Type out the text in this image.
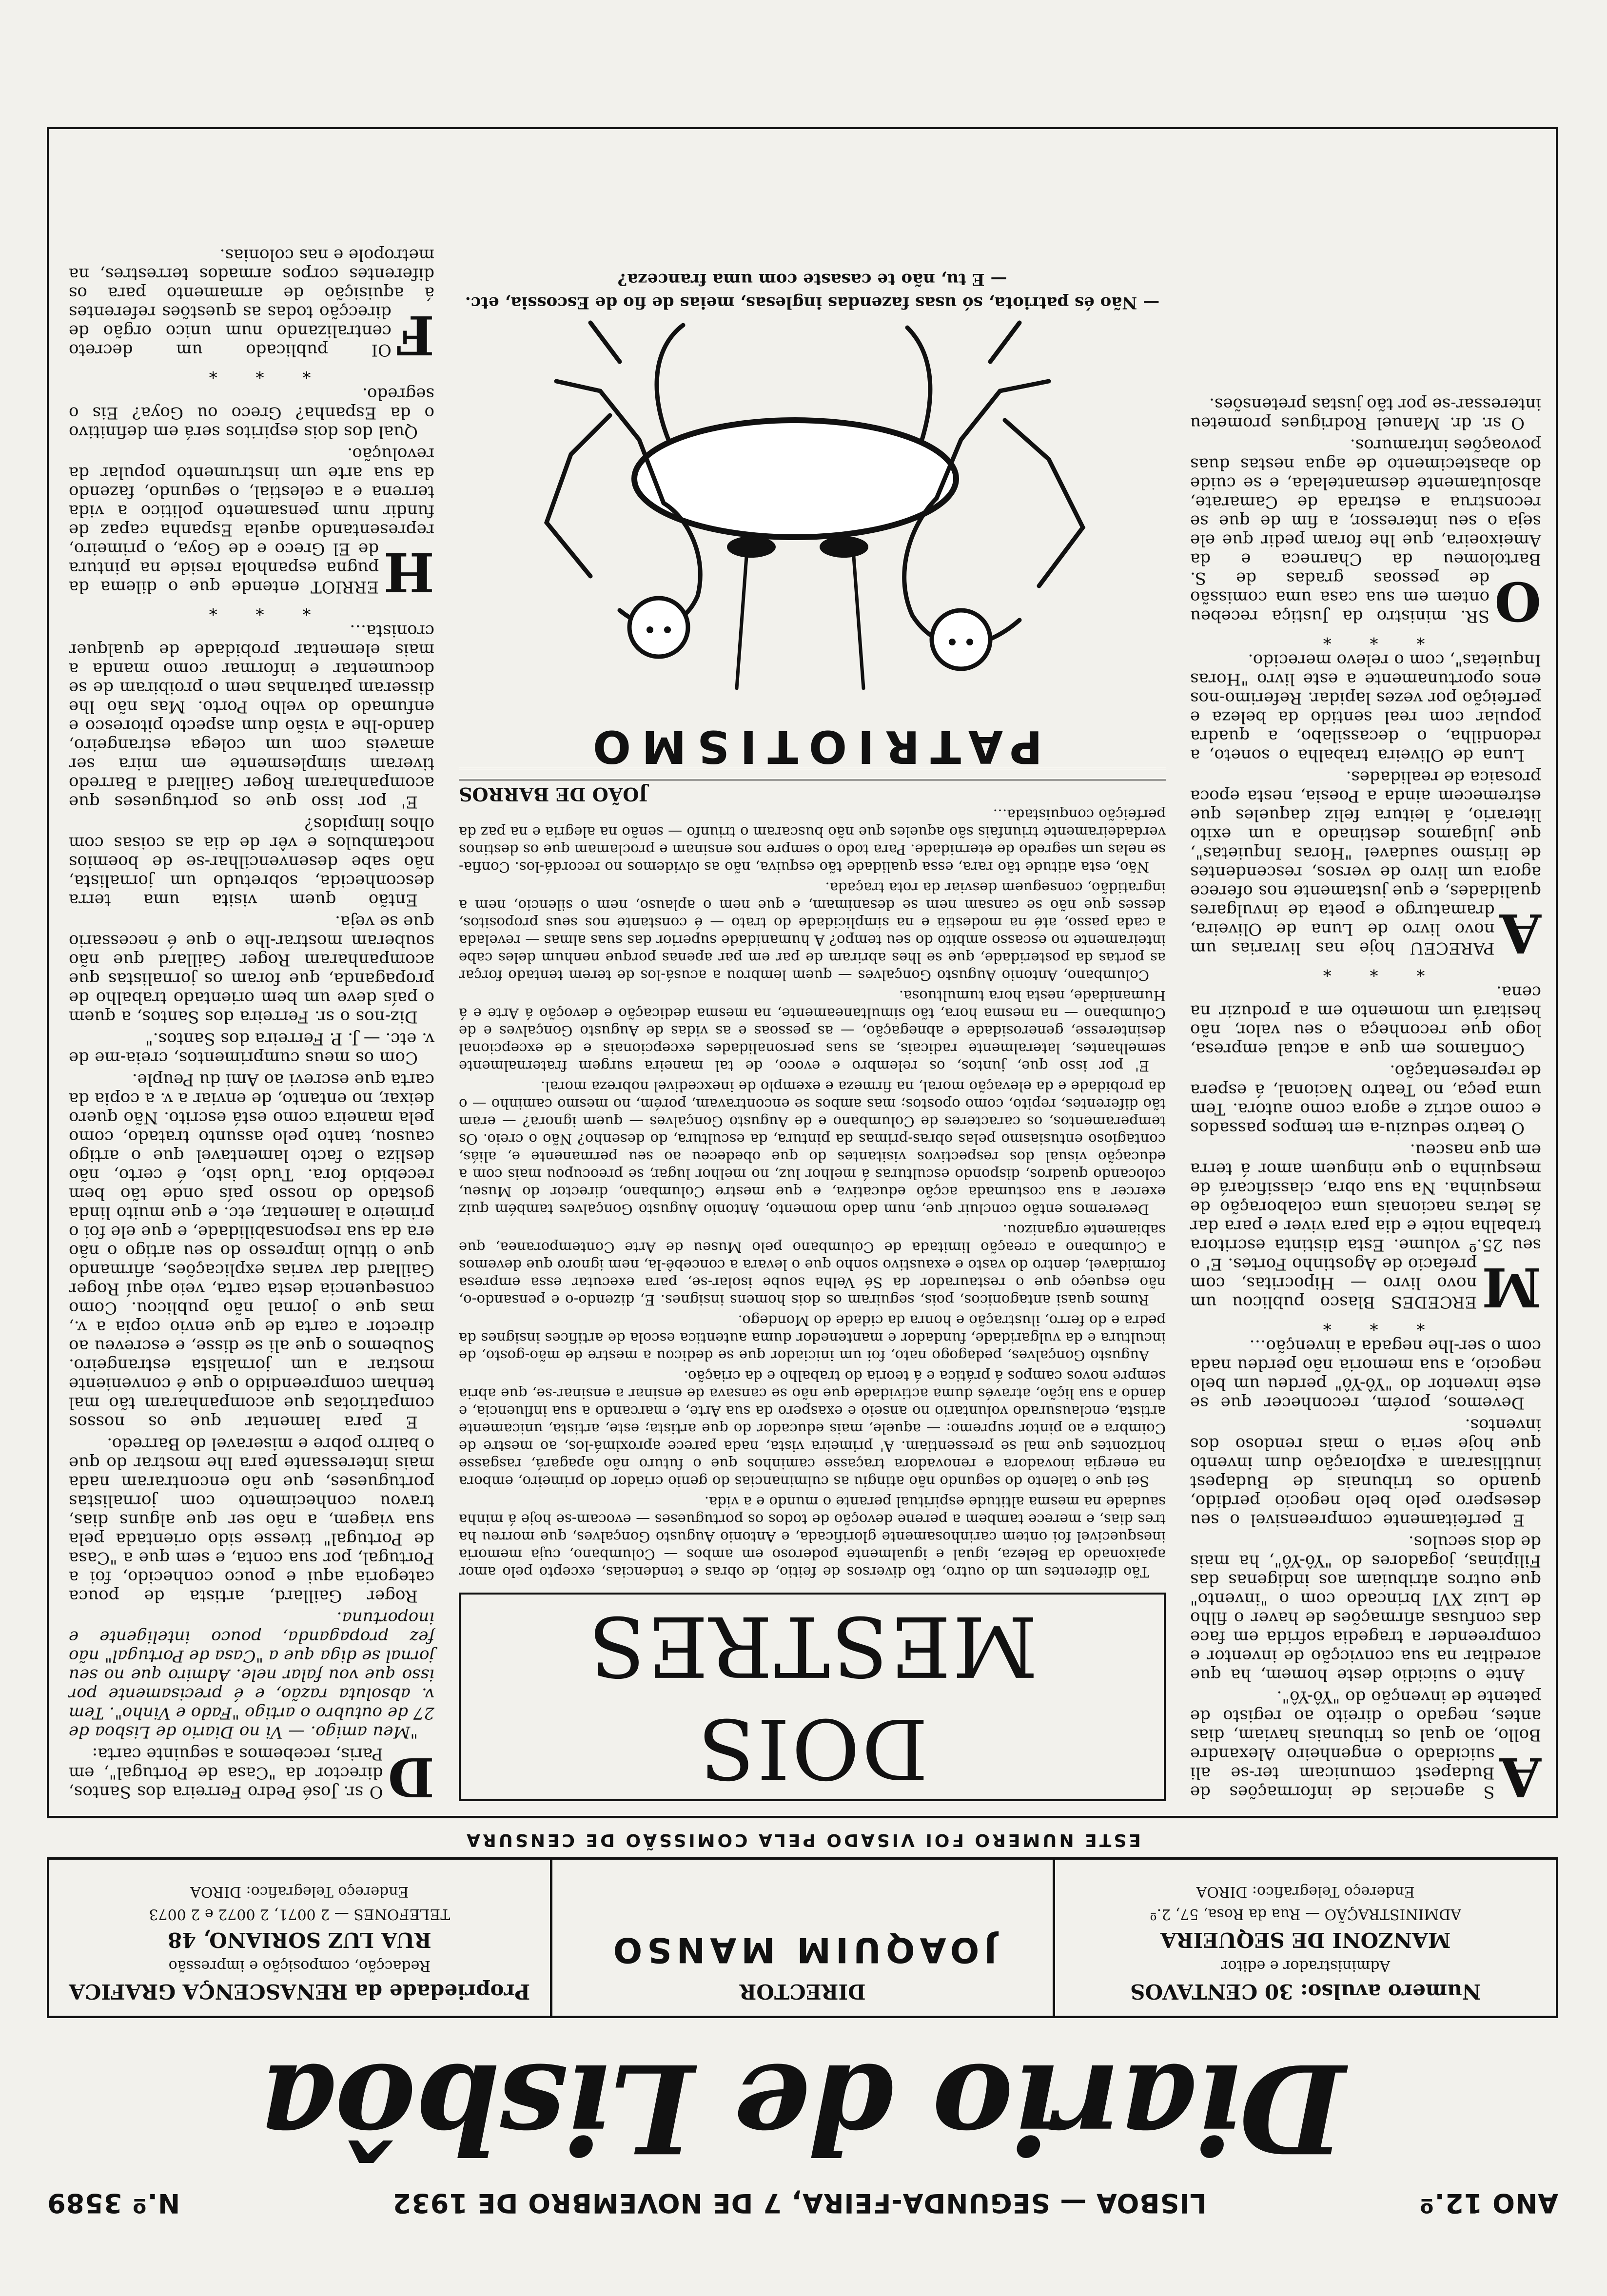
ANO 12.º
LISBOA — SEGUNDA-FEIRA, 7 DE NOVEMBRO DE 1932
N.º 3589
Diario de Lisbôa
Numero avulso: 30 CENTAVOS
Administrador e editor
MANZONI DE SEQUEIRA
ADMINISTRAÇÃO — Rua da Rosa, 57, 2.º
Endereço Telegrafico: DIROA
DIRECTOR
JOAQUIM MANSO
Propriedade da RENASCENÇA GRAFICA
Redacção, composição e impressão
RUA LUZ SORIANO, 48
TELEFONES — 2 0071, 2 0072 e 2 0073
Endereço Telegrafico: DIROA
ESTE NUMERO FOI VISADO PELA COMISSÃO DE CENSURA

A
S agencias de informações de Budapest comunicam ter-se ali suicidado o engenheiro Alexandre Bollo, ao qual os tribunais haviam, dias antes, negado o direito ao registo de patente de invenção do "Yô-Yô".

Ante o suicidio deste homem, ha que acreditar na sua convicção de inventor e compreender a tragedia sofrida em face das confusas afirmações de haver o filho de Luiz XVI brincado com o "invento" que outros atribuiam aos indigenas das Filipinas, jogadores do "Yô-Yô", ha mais de dois seculos.

E perfeitamente compreensivel o seu desespero pelo belo negocio perdido, quando os tribunais de Budapest inutilisaram a exploração dum invento que hoje seria o mais rendoso dos inventos.

Devemos, porém, reconhecer que se este inventor do "Yô-Yô" perdeu um belo negocio, a sua memoria não perdeu nada com o ser-lhe negada a invenção…

* * *

M
ERCEDES Blasco publicou um novo livro — Hipocritas, com prefacio de Agostinho Fortes. E' o seu 25.º volume. Esta distinta escritora trabalha noite e dia para viver e para dar ás letras nacionais uma colaboração de mesquinha. Na sua obra, classificará de mesquinha o que ninguem amor á terra em que nasceu.

O teatro seduziu-a em tempos passados e como actriz e agora como autora. Tem uma peça, no Teatro Nacional, á espera de representação.

Confiamos em que a actual empresa, logo que reconheça o seu valor, não hesitará um momento em a produzir na cena.

* * *

A
PARECEU hoje nas livrarias um novo livro de Luna de Oliveira, dramaturgo e poeta de invulgares qualidades, e que justamente nos oferece agora um livro de versos, rescendentes de lirismo saudavel "Horas Inquietas", que julgamos destinado a um exito literario, á leitura feliz daqueles que estremecem ainda a Poesia, nesta epoca prosaica de realidades.

Luna de Oliveira trabalha o soneto, a redondilha, o decassilabo, a quadra popular com real sentido da beleza e perfeição por vezes lapidar. Referimo-nos enos oportunamente a este livro "Horas Inquietas", com o relevo merecido.

* * *

O
SR. ministro da Justiça recebeu ontem em sua casa uma comissão de pessoas gradas de S. Bartolomeu da Charneca e da Ameixoeira, que lhe foram pedir que ele seja o seu interessor, a fim de que se reconstrua a estrada de Camarate, absolutamente desmantelada, e se cuide do abastecimento de agua nestas duas povoações intramuros.

O sr. dr. Manuel Rodrigues prometeu interessar-se por tão justas pretensões.

DOIS MESTRES

Tão diferentes um do outro, tão diversos de feitio, de obras e tendencias, excepto pelo amor apaixonado da Beleza, igual e igualmente poderoso em ambos — Columbano, cuja memoria inesquecivel foi ontem carinhosamente glorificada, e Antonio Augusto Gonçalves, que morreu ha tres dias, e merece tambem a perene devoção de todos os portugueses — evocam-se hoje á minha saudade na mesma altitude espiritual perante o mundo e a vida.

Sei que o talento do segundo não atingiu as culminancias do genio criador do primeiro, embora na energia inovadora e renovadora traçasse caminhos que o futuro não apagará, rasgasse horizontes que mal se pressentiam. A' primeira vista, nada parece aproximá-los, ao mestre de Coimbra e ao pintor supremo: — aquele, mais educador do que artista; este, artista, unicamente artista, enclausurado voluntario no anseio e exaspero da sua Arte, e marcando a sua influencia, e dando a sua lição, através duma actividade que não se cansava de ensinar a ensinar-se, que abria sempre novos campos á prática e á teoria do trabalho e da criação.

Augusto Gonçalves, pedagogo nato, foi um iniciador que se dedicou a mestre de mão-gosto, de incultura e da vulgaridade, fundador e mantenedor duma autentica escola de artifices insignes da pedra e do ferro, ilustração e honra da cidade do Mondego.

Rumos quasi antagonicos, pois, seguiram os dois homens insignes. E, dizendo-o e pensando-o, não esqueço que o restaurador da Sé Velha soube isolar-se, para executar essa empresa formidavel, dentro do vasto e exaustivo sonho que o levara a concebê-la, nem ignoro que devemos a Columbano a creação limitada de Columbano pelo Museu de Arte Contemporanea, que sabiamente organizou.

Deveremos então concluir que, num dado momento, Antonio Augusto Gonçalves também quiz exercer a sua costumada acção educativa, e que mestre Columbano, director do Museu, colocando quadros, dispondo esculturas á melhor luz, no melhor lugar, se preocupou mais com a educação visual dos respectivos visitantes do que obedeceu ao seu permanente e, aliás, contagioso entusiasmo pelas obras-primas da pintura, da escultura, do desenho? Não o creio. Os temperamentos, os caracteres de Columbano e de Augusto Gonçalves — quem ignora? — eram tão diferentes, repito, como opostos; mas ambos se encontravam, porém, no mesmo caminho — o da probidade e da elevação moral, na firmeza e exemplo de inexcedivel nobreza moral.

E' por isso que, juntos, os relembro e evoco, de tal maneira surgem fraternalmente semelhantes, lateralmente radicais, as suas personalidades excepcionais e de excepcional desinteresse, generosidade e abnegação, — as pessoas e as vidas de Augusto Gonçalves e de Columbano — na mesma hora, tão simultaneamente, na mesma dedicação e devoção á Arte e á Humanidade, nesta hora tumultuosa.

Columbano, Antonio Augusto Gonçalves — quem lembrou a acusá-los de terem tentado forçar as portas da posteridade, que se lhes abriram de par em par apenas porque nenhum deles cabe inteiramente no escasso ambito do seu tempo? A humanidade superior das suas almas — revelada a cada passo, até na modestia e na simplicidade do trato — é constante nos seus propositos, desses que não se cansam nem se desanimam, e que nem o aplauso, nem o silencio, nem a ingratidão, conseguem desviar da rota traçada.

Não, esta atitude tão rara, essa qualidade tão esquiva, não as olvidemos no recordá-los. Confia-se nelas um segredo de eternidade. Para todo o sempre nos ensinam e proclamam que os destinos verdadeiramente triunfais são aqueles que não buscaram o triunfo — senão na alegria e na paz da perfeição conquistada…

JOÃO DE BARROS

PATRIOTISMO

— Não és patriota, só usas fazendas inglesas, meias de fio de Escossia, etc.

— E tu, não te casaste com uma franceza?

D
O sr. José Pedro Ferreira dos Santos, director da "Casa de Portugal", em Paris, recebemos a seguinte carta:

"Meu amigo. — Vi no Diario de Lisboa de 27 de outubro o artigo "Fado e Vinho". Tem v. absoluta razão, e é precisamente por isso que vou falar nele. Admiro que no seu jornal se diga que a "Casa de Portugal" não fez propaganda, pouco inteligente e inoportuna.

Roger Gaillard, artista de pouca categoria aqui e pouco conhecido, foi a Portugal, por sua conta, e sem que a "Casa de Portugal" tivesse sido orientada pela sua viagem, a não ser que alguns dias, travou conhecimento com jornalistas portugueses, que não encontraram nada mais interessante para lhe mostrar do que o bairro pobre e miseravel do Barredo.

E para lamentar que os nossos compatriotas que acompanharam tão mal tenham compreendido o que é conveniente mostrar a um jornalista estrangeiro. Soubemos o que ali se disse, e escreveu ao director a carta de que envio copia a v., mas que o jornal não publicou. Como consequencia desta carta, veio aquí Roger Gaillard dar varias explicações, afirmando que o titulo impresso do seu artigo o não era da sua responsabilidade, e que ele foi o primeiro a lamentar, etc. e que muito linda gostado do nosso país onde tão bem recebido fora. Tudo isto, é certo, não desliza o facto lamentavel que o artigo causou, tanto pelo assunto tratado, como pela maneira como está escrito. Não quero deixar, no entanto, de enviar a v. a copia da carta que escrevi ao Ami du Peuple.

Com os meus cumprimentos, creia-me de v. etc. — J. P. Ferreira dos Santos."

Diz-nos o sr. Ferreira dos Santos, a quem o país deve um bem orientado trabalho de propaganda, que foram os jornalistas que acompanharam Roger Gaillard que não souberam mostrar-lhe o que é necessario que se veja.

Então quem visita uma terra desconhecida, sobretudo um jornalista, não sabe desenvencilhar-se de boemios noctambulos e vêr de dia as coisas com olhos limpidos?

E' por isso que os portugueses que acompanharam Roger Gaillard a Barredo tiveram simplesmente em mira ser amaveis com um colega estrangeiro, dando-lhe a visão dum aspecto pitoresco e enfumado do velho Porto. Mas não lhe disseram patranhas nem o proibiram de se documentar e informar como manda a mais elementar probidade de qualquer cronista…

* * *

H
ERRIOT entende que o dilema da pugna espanhola reside na pintura de El Greco e de Goya, o primeiro, representando aquela Espanha capaz de fundir num pensamento politico a vida terrena e a celestial, o segundo, fazendo da sua arte um instrumento popular da revolução.

Qual dos dois espiritos será em definitivo o da Espanha? Greco ou Goya? Eis o segredo.

* * *

F
OI publicado um decreto centralizando num unico orgão de direcção todas as questões referentes á aquisição de armamento para os diferentes corpos armados terrestres, na metropole e nas colonias.
